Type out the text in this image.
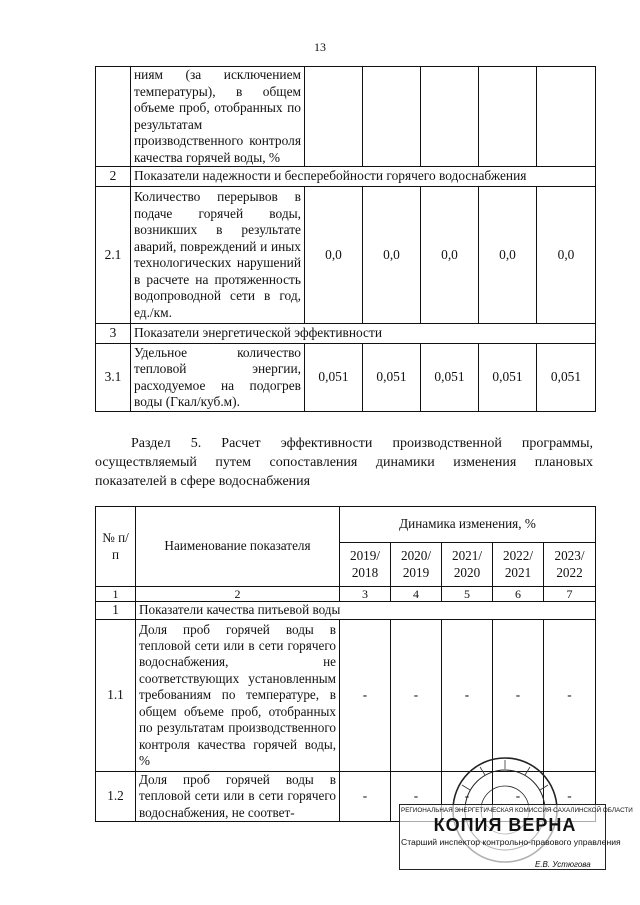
13
	ниям (за исключением температуры), в общем объеме проб, отобранных по результатам производственного контроля качества горячей воды, %					
2	Показатели надежности и бесперебойности горячего водоснабжения					
2.1	Количество перерывов в подаче горячей воды, возникших в результате аварий, повреждений и иных технологических нарушений в расчете на протяженность водопроводной сети в год, ед./км.	0,0	0,0	0,0	0,0	0,0
3	Показатели энергетической эффективности					
3.1	Удельное количество тепловой энергии, расходуемое на подогрев воды (Гкал/куб.м).	0,051	0,051	0,051	0,051	0,051
Раздел 5. Расчет эффективности производственной программы, осуществляемый путем сопоставления динамики изменения плановых показателей в сфере водоснабжения
№ п/п	Наименование показателя	Динамика изменения, %				
		2019/ 2018	2020/ 2019	2021/ 2020	2022/ 2021	2023/ 2022
1	2	3	4	5	6	7
1	Показатели качества питьевой воды					
1.1	Доля проб горячей воды в тепловой сети или в сети горячего водоснабжения, не соответствующих установленным требованиям по температуре, в общем объеме проб, отобранных по результатам производственного контроля качества горячей воды, %	-	-	-	-	-
1.2	Доля проб горячей воды в тепловой сети или в сети горячего водоснабжения, не соответ-	-	-	-	-	-
РЕГИОНАЛЬНАЯ ЭНЕРГЕТИЧЕСКАЯ КОМИССИЯ САХАЛИНСКОЙ ОБЛАСТИ
КОПИЯ ВЕРНА
Старший инспектор контрольно-правового управления
Е.В. Устюгова
